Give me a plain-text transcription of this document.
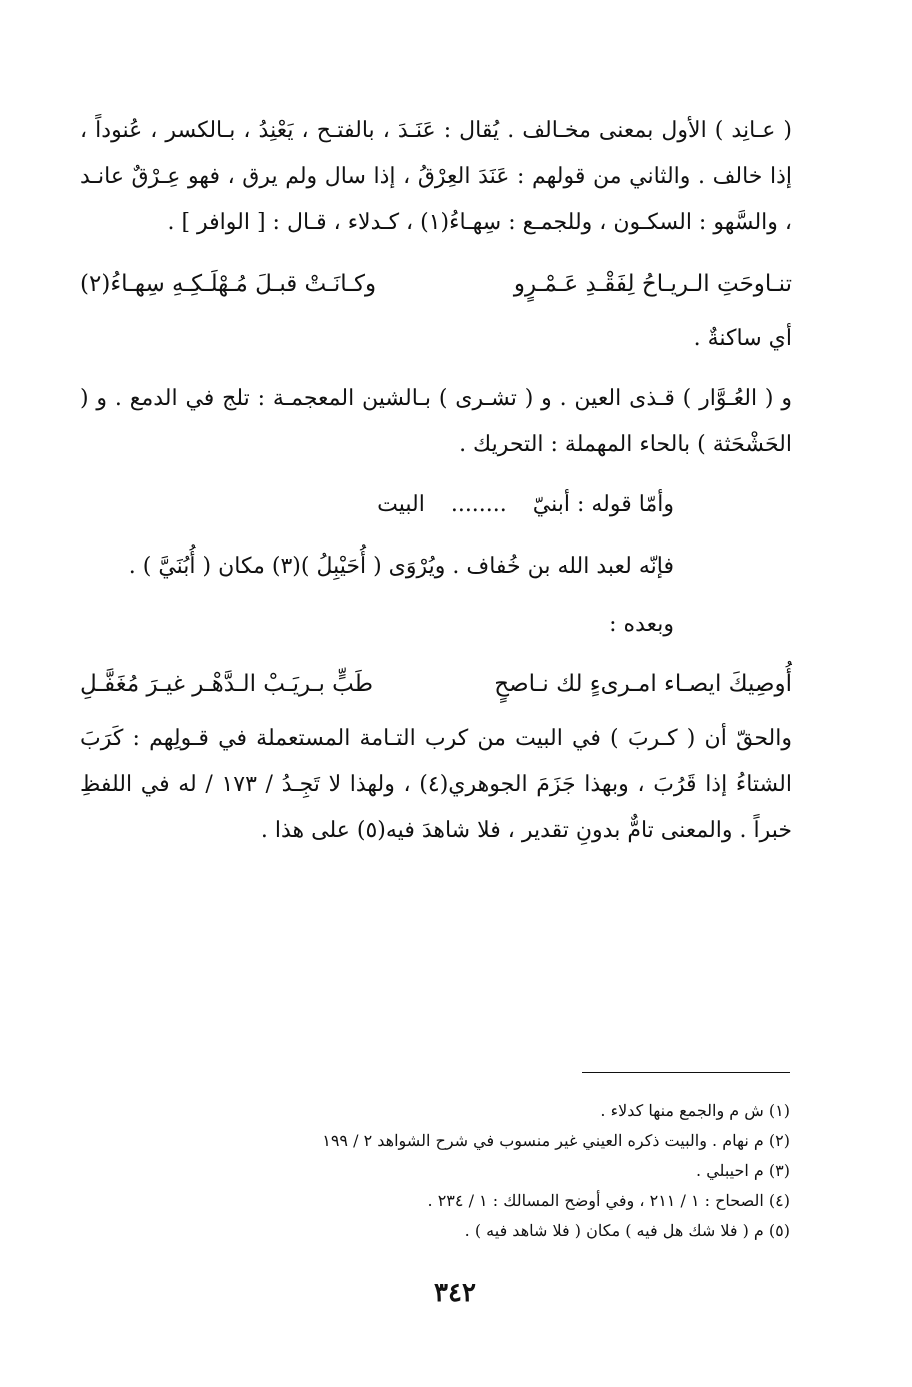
( عـانِد ) الأول بمعنى مخـالف . يُقال : عَنَـدَ ، بالفتـح ، يَعْنِدُ ، بـالكسر ، عُنوداً ، إذا خالف . والثاني من قولهم : عَنَدَ العِرْقُ ، إذا سال ولم يرق ، فهو عِـرْقٌ عانـد ، والسَّهو : السكـون ، وللجمـع : سِهـاءُ(١) ، كـدلاء ، قـال : [ الوافر ] .

تنـاوحَتِ الـريـاحُ لِفَقْـدِ عَـمْـرٍو
وكـانَـتْ قبـلَ مُـهْلَـكِـهِ سِهـاءُ(٢)

أي ساكنةٌ .

و ( العُـوَّار ) قـذى العين . و ( تشـرى ) بـالشين المعجمـة : تلج في الدمع . و ( الحَشْحَثة ) بالحاء المهملة : التحريك .

وأمّا قوله : أبنيّ........البيت

فإنّه لعبد الله بن خُفاف . ويُرْوَى ( أُحَيْبِلُ )(٣) مكان ( أُبُنَيَّ ) .

وبعده :

أُوصِيكَ ايصـاء امـرىءٍ لك نـاصحٍ
طَبٍّ بـريَـبْ الـدَّهْـر غيـرَ مُغَفَّـلِ

والحقّ أن ( كـربَ ) في البيت من كرب التـامة المستعملة في قـولِهم : كَرَبَ الشتاءُ إذا قَرُبَ ، وبهذا جَزَمَ الجوهري(٤) ، ولهذا لا تَجِـدُ / ١٧٣ / له في اللفظِ خبراً . والمعنى تامٌّ بدونِ تقدير ، فلا شاهدَ فيه(٥) على هذا .

(١) ش م والجمع منها كدلاء .
(٢) م نهام . والبيت ذكره العيني غير منسوب في شرح الشواهد ٢ / ١٩٩
(٣) م احيبلي .
(٤) الصحاح : ١ / ٢١١ ، وفي أوضح المسالك : ١ / ٢٣٤ .
(٥) م ( فلا شك هل فيه ) مكان ( فلا شاهد فيه ) .
٣٤٢
